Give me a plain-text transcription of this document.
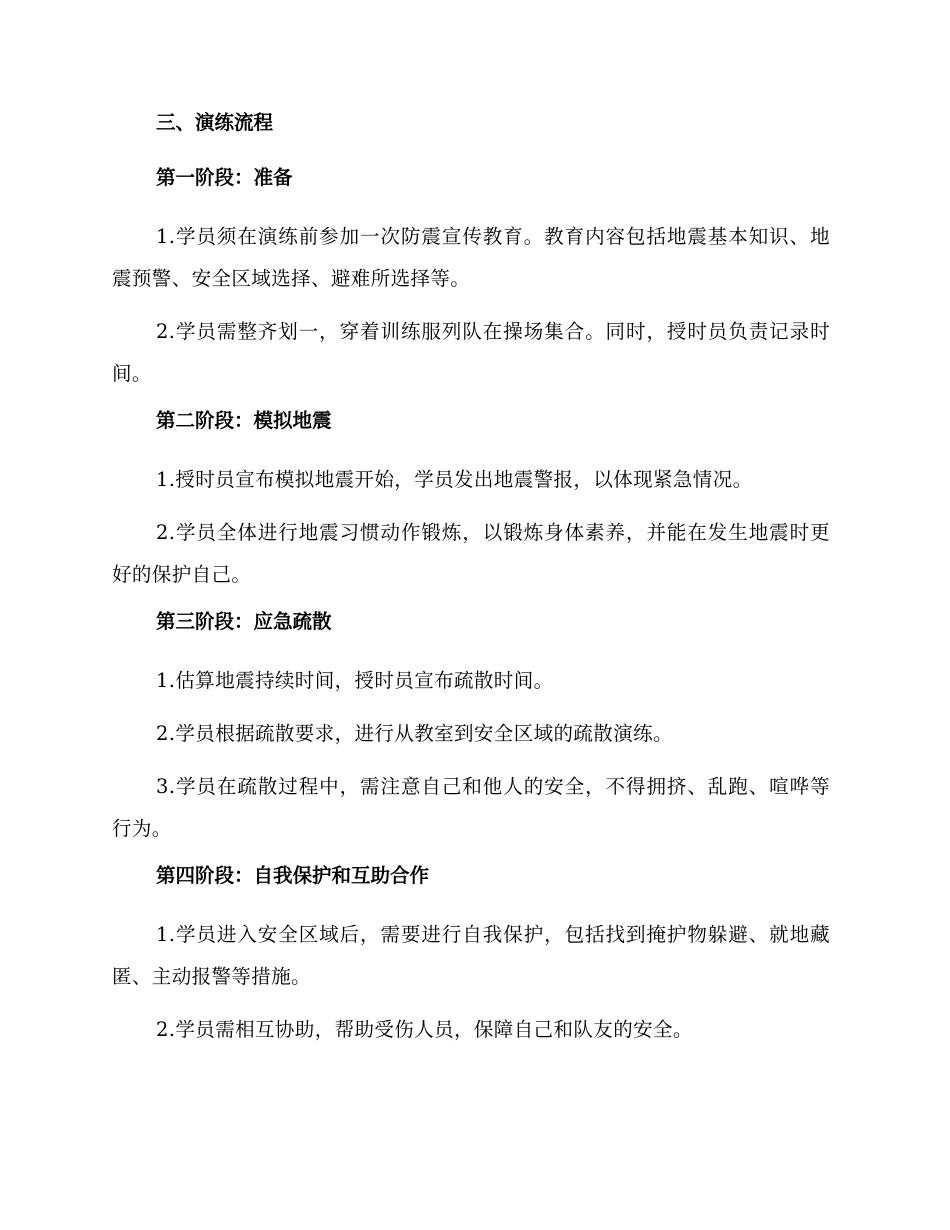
三、演练流程
第一阶段：准备

1.学员须在演练前参加一次防震宣传教育。教育内容包括地震基本知识、地震预警、安全区域选择、避难所选择等。

2.学员需整齐划一，穿着训练服列队在操场集合。同时，授时员负责记录时间。

第二阶段：模拟地震

1.授时员宣布模拟地震开始，学员发出地震警报，以体现紧急情况。

2.学员全体进行地震习惯动作锻炼，以锻炼身体素养，并能在发生地震时更好的保护自己。

第三阶段：应急疏散

1.估算地震持续时间，授时员宣布疏散时间。

2.学员根据疏散要求，进行从教室到安全区域的疏散演练。

3.学员在疏散过程中，需注意自己和他人的安全，不得拥挤、乱跑、喧哗等行为。

第四阶段：自我保护和互助合作

1.学员进入安全区域后，需要进行自我保护，包括找到掩护物躲避、就地藏匿、主动报警等措施。

2.学员需相互协助，帮助受伤人员，保障自己和队友的安全。
